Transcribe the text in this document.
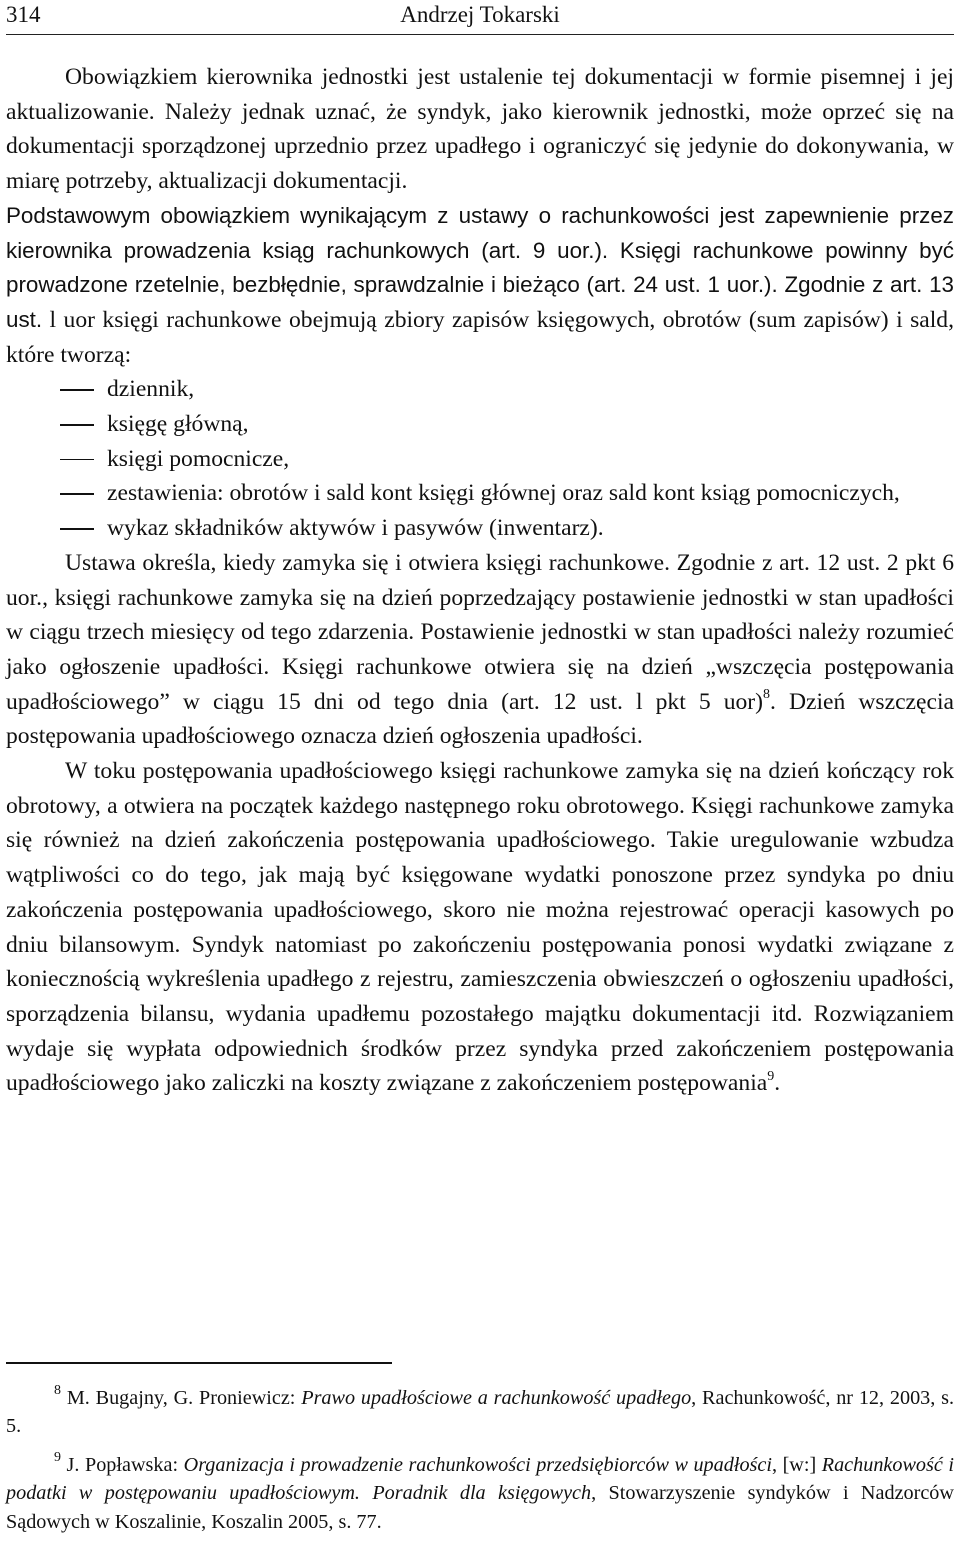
314	Andrzej Tokarski

Obowiązkiem kierownika jednostki jest ustalenie tej dokumentacji w formie pisemnej i jej aktualizowanie. Należy jednak uznać, że syndyk, jako kierownik jednostki, może oprzeć się na dokumentacji sporządzonej uprzednio przez upadłego i ograniczyć się jedynie do dokonywania, w miarę potrzeby, aktualizacji dokumentacji.
Podstawowym obowiązkiem wynikającym z ustawy o rachunkowości jest zapewnienie przez kierownika prowadzenia ksiąg rachunkowych (art. 9 uor.). Księgi rachunkowe powinny być prowadzone rzetelnie, bezbłędnie, sprawdzalnie i bieżąco (art. 24 ust. 1 uor.). Zgodnie z art. 13 ust. l uor księgi rachunkowe obejmują zbiory zapisów księgowych, obrotów (sum zapisów) i sald, które tworzą:

dziennik,
księgę główną,
księgi pomocnicze,
zestawienia: obrotów i sald kont księgi głównej oraz sald kont ksiąg pomocniczych,
wykaz składników aktywów i pasywów (inwentarz).

Ustawa określa, kiedy zamyka się i otwiera księgi rachunkowe. Zgodnie z art. 12 ust. 2 pkt 6 uor., księgi rachunkowe zamyka się na dzień poprzedzający postawienie jednostki w stan upadłości w ciągu trzech miesięcy od tego zdarzenia. Postawienie jednostki w stan upadłości należy rozumieć jako ogłoszenie upadłości. Księgi rachunkowe otwiera się na dzień „wszczęcia postępowania upadłościowego” w ciągu 15 dni od tego dnia (art. 12 ust. l pkt 5 uor)$^8$. Dzień wszczęcia postępowania upadłościowego oznacza dzień ogłoszenia upadłości.

W toku postępowania upadłościowego księgi rachunkowe zamyka się na dzień kończący rok obrotowy, a otwiera na początek każdego następnego roku obrotowego. Księgi rachunkowe zamyka się również na dzień zakończenia postępowania upadłościowego. Takie uregulowanie wzbudza wątpliwości co do tego, jak mają być księgowane wydatki ponoszone przez syndyka po dniu zakończenia postępowania upadłościowego, skoro nie można rejestrować operacji kasowych po dniu bilansowym. Syndyk natomiast po zakończeniu postępowania ponosi wydatki związane z koniecznością wykreślenia upadłego z rejestru, zamieszczenia obwieszczeń o ogłoszeniu upadłości, sporządzenia bilansu, wydania upadłemu pozostałego majątku dokumentacji itd. Rozwiązaniem wydaje się wypłata odpowiednich środków przez syndyka przed zakończeniem postępowania upadłościowego jako zaliczki na koszty związane z zakończeniem postępowania$^9$.

$^8$ M. Bugajny, G. Proniewicz: Prawo upadłościowe a rachunkowość upadłego, Rachunkowość, nr 12, 2003, s. 5.

$^9$ J. Popławska: Organizacja i prowadzenie rachunkowości przedsiębiorców w upadłości, [w:] Rachunkowość i podatki w postępowaniu upadłościowym. Poradnik dla księgowych, Stowarzyszenie syndyków i Nadzorców Sądowych w Koszalinie, Koszalin 2005, s. 77.
